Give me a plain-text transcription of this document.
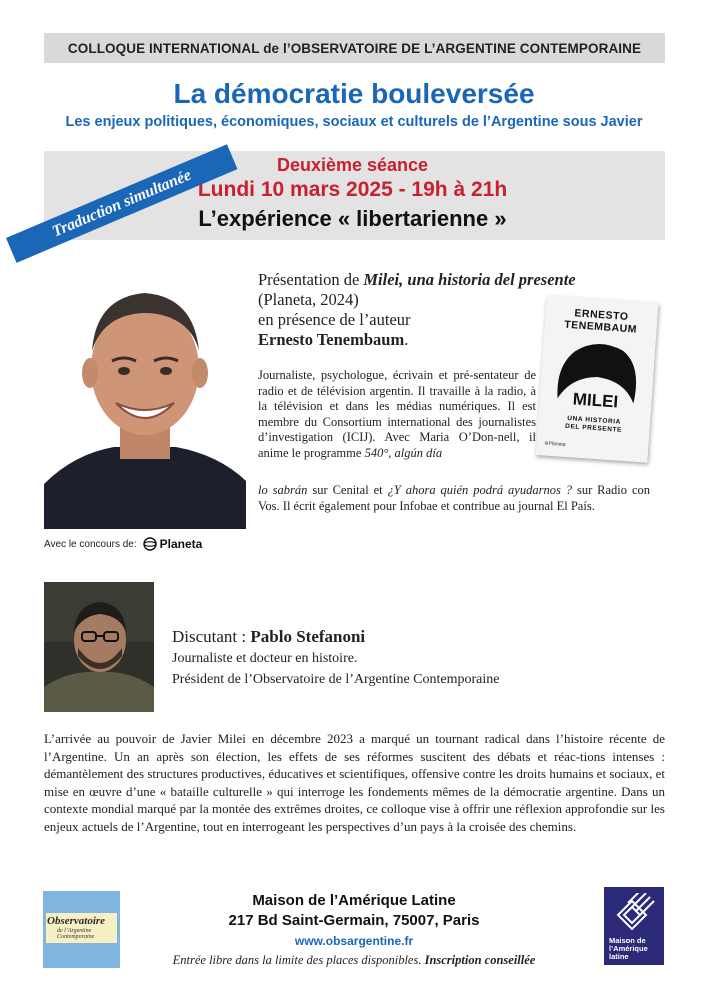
COLLOQUE INTERNATIONAL de l’OBSERVATOIRE DE L’ARGENTINE CONTEMPORAINE
La démocratie bouleversée
Les enjeux politiques, économiques, sociaux et culturels de l’Argentine sous Javier
Deuxième séance
Lundi 10 mars 2025 - 19h à 21h
L’expérience « libertarienne »
Traduction simultanée
Avec le concours de: Planeta
Présentation de Milei, una historia del presente
(Planeta, 2024)
en présence de l’auteur
Ernesto Tenembaum.
Journaliste, psychologue, écrivain et pré-sentateur de radio et de télévision argentin. Il travaille à la radio, à la télévision et dans les médias numériques. Il est membre du Consortium international des journalistes d’investigation (ICIJ). Avec Maria O’Don-nell, il anime le programme 540°, algún día
lo sabrán sur Cenital et ¿Y ahora quién podrá ayudarnos ? sur Radio con Vos. Il écrit également pour Infobae et contribue au journal El País.
ERNESTO
TENEMBAUM
MILEI
UNA HISTORIA
DEL PRESENTE
⊛Planeta
Discutant : Pablo Stefanoni
Journaliste et docteur en histoire.
Président de l’Observatoire de l’Argentine Contemporaine
L’arrivée au pouvoir de Javier Milei en décembre 2023 a marqué un tournant radical dans l’histoire récente de l’Argentine. Un an après son élection, les effets de ses réformes suscitent des débats et réac-tions intenses : démantèlement des structures productives, éducatives et scientifiques, offensive contre les droits humains et sociaux, et mise en œuvre d’une « bataille culturelle » qui interroge les fondements mêmes de la démocratie argentine. Dans un contexte mondial marqué par la montée des extrêmes droites, ce colloque vise à offrir une réflexion approfondie sur les enjeux actuels de l’Argentine, tout en interrogeant les perspectives d’un pays à la croisée des chemins.
Observatoire
de l’Argentine
Contemporaine
Maison de l’Amérique Latine
217 Bd Saint-Germain, 75007, Paris
www.obsargentine.fr
Entrée libre dans la limite des places disponibles. Inscription conseillée
Maison de
l’Amérique
latine
